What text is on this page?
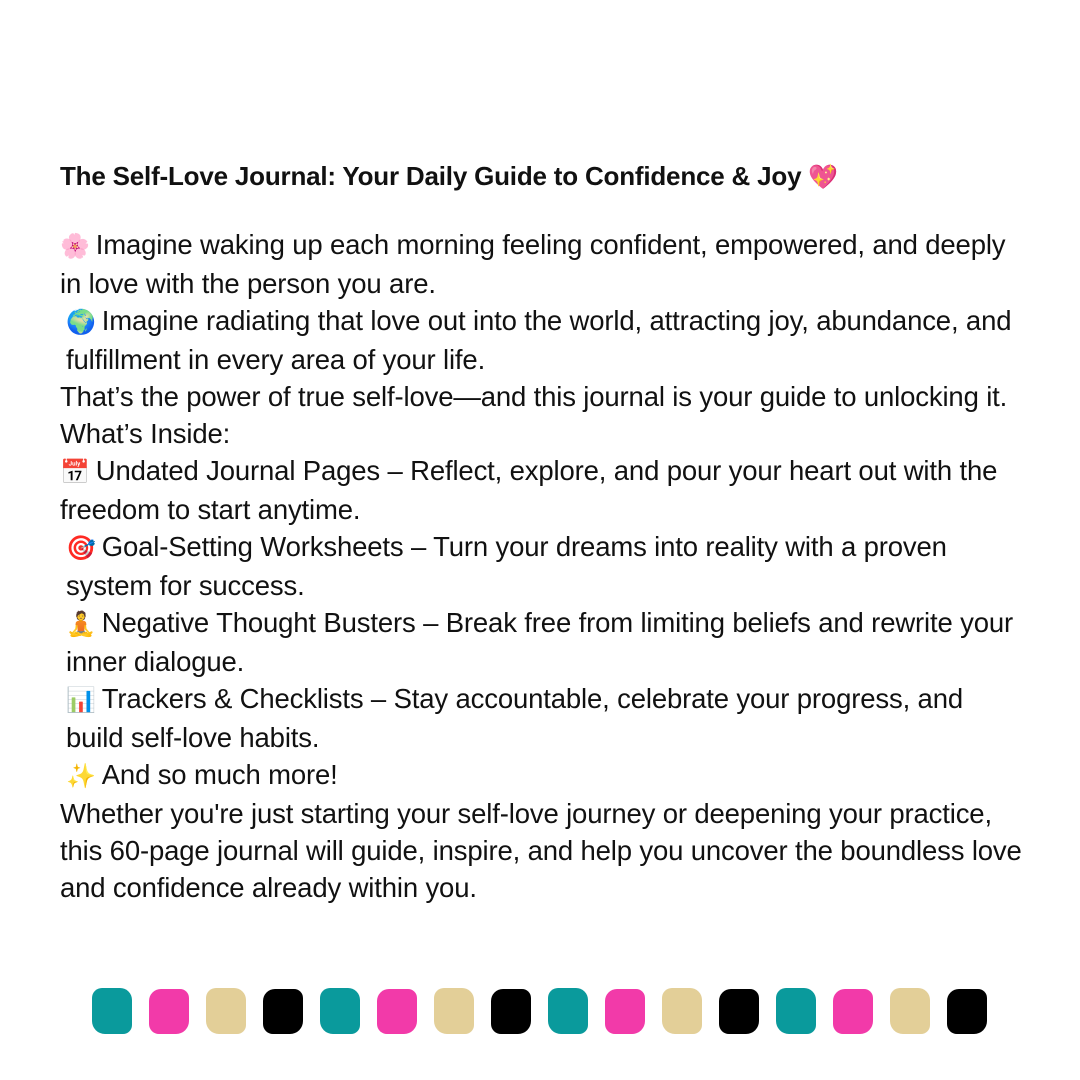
The Self-Love Journal: Your Daily Guide to Confidence & Joy 💖
🌸 Imagine waking up each morning feeling confident, empowered, and deeply in love with the person you are.
🌍 Imagine radiating that love out into the world, attracting joy, abundance, and fulfillment in every area of your life.
That’s the power of true self-love—and this journal is your guide to unlocking it.
What’s Inside:
📅 Undated Journal Pages – Reflect, explore, and pour your heart out with the freedom to start anytime.
🎯 Goal-Setting Worksheets – Turn your dreams into reality with a proven system for success.
🧘 Negative Thought Busters – Break free from limiting beliefs and rewrite your inner dialogue.
📊 Trackers & Checklists – Stay accountable, celebrate your progress, and build self-love habits.
✨ And so much more!
Whether you're just starting your self-love journey or deepening your practice, this 60-page journal will guide, inspire, and help you uncover the boundless love and confidence already within you.
